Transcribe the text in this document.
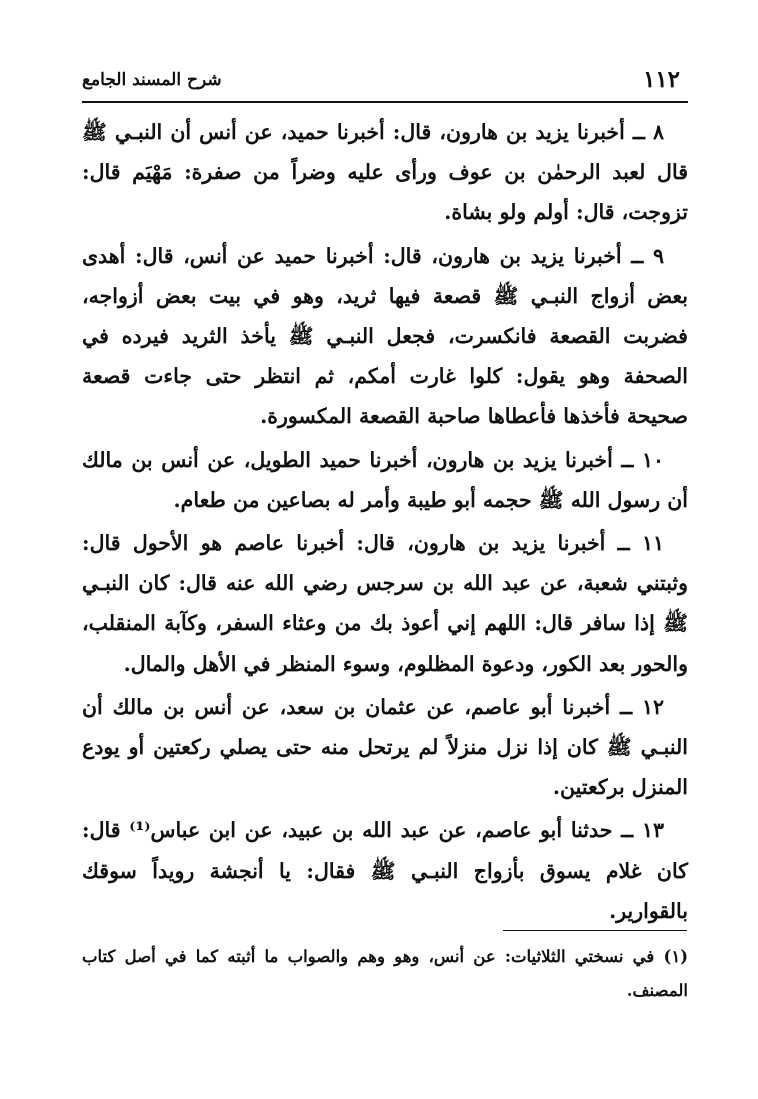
١١٢
شرح المسند الجامع

٨ ــ أخبرنا يزيد بن هارون، قال: أخبرنا حميد، عن أنس أن النبـي ﷺ قال لعبد الرحمٰن بن عوف ورأى عليه وضراً من صفرة: مَهْيَم قال: تزوجت، قال: أولم ولو بشاة.

٩ ــ أخبرنا يزيد بن هارون، قال: أخبرنا حميد عن أنس، قال: أهدى بعض أزواج النبـي ﷺ قصعة فيها ثريد، وهو في بيت بعض أزواجه، فضربت القصعة فانكسرت، فجعل النبـي ﷺ يأخذ الثريد فيرده في الصحفة وهو يقول: كلوا غارت أمكم، ثم انتظر حتى جاءت قصعة صحيحة فأخذها فأعطاها صاحبة القصعة المكسورة.

١٠ ــ أخبرنا يزيد بن هارون، أخبرنا حميد الطويل، عن أنس بن مالك أن رسول الله ﷺ حجمه أبو طيبة وأمر له بصاعين من طعام.

١١ ــ أخبرنا يزيد بن هارون، قال: أخبرنا عاصم هو الأحول قال: وثبتني شعبة، عن عبد الله بن سرجس رضي الله عنه قال: كان النبـي ﷺ إذا سافر قال: اللهم إني أعوذ بك من وعثاء السفر، وكآبة المنقلب، والحور بعد الكور، ودعوة المظلوم، وسوء المنظر في الأهل والمال.

١٢ ــ أخبرنا أبو عاصم، عن عثمان بن سعد، عن أنس بن مالك أن النبـي ﷺ كان إذا نزل منزلاً لم يرتحل منه حتى يصلي ركعتين أو يودع المنزل بركعتين.

١٣ ــ حدثنا أبو عاصم، عن عبد الله بن عبيد، عن ابن عباس⁽¹⁾ قال: كان غلام يسوق بأزواج النبـي ﷺ فقال: يا أنجشة رويداً سوقك بالقوارير.

(١) في نسختي الثلاثيات: عن أنس، وهو وهم والصواب ما أثبته كما في أصل كتاب المصنف.
